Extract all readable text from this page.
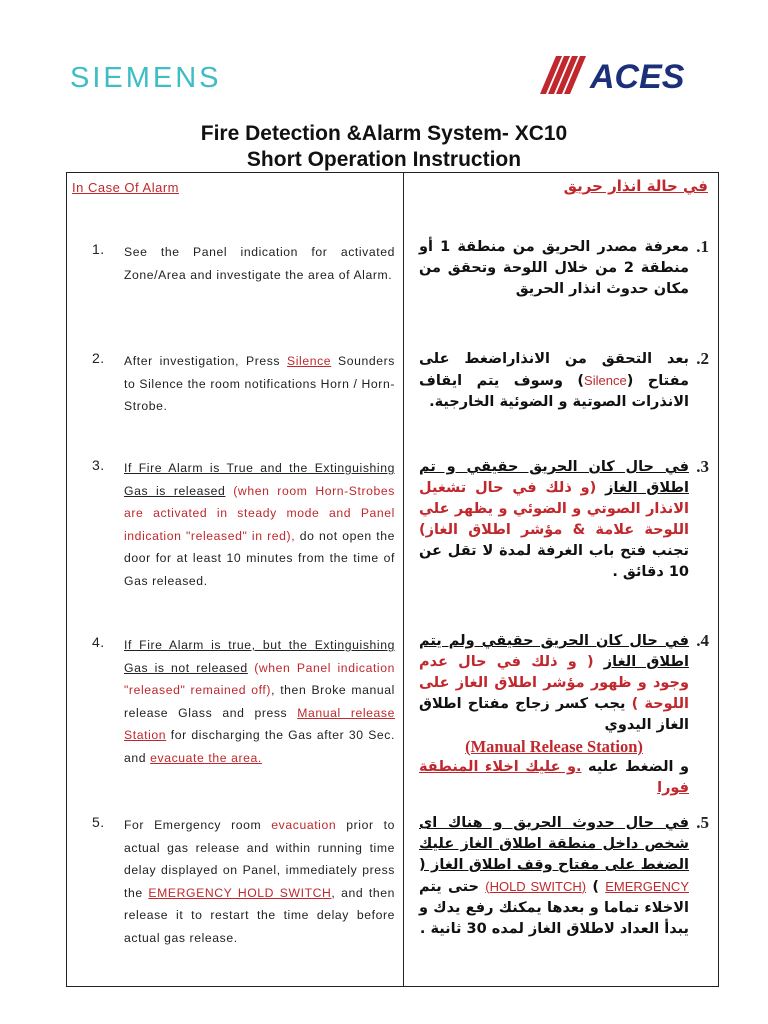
SIEMENS	ACES
Fire Detection &Alarm System- XC10
Short Operation Instruction
In Case Of Alarm	في حالة انذار حريق
1. See the Panel indication for activated Zone/Area and investigate the area of Alarm.
.1
معرفة مصدر الحريق من منطقة 1 أو منطقة 2 من خلال اللوحة وتحقق من مكان حدوث انذار الحريق
2. After investigation, Press Silence Sounders to Silence the room notifications Horn / Horn-Strobe.
.2
بعد التحقق من الانذاراضغط على مفتاح (Silence) وسوف يتم ايقاف الانذرات الصوتية و الضوئية الخارجية.
3. If Fire Alarm is True and the Extinguishing Gas is released (when room Horn-Strobes are activated in steady mode and Panel indication "released" in red), do not open the door for at least 10 minutes from the time of Gas released.
.3
في حال كان الحريق حقيقي و تم اطلاق الغاز (و ذلك في حال تشغيل الانذار الصوتي و الضوئي و يظهر علي اللوحة علامة & مؤشر اطلاق الغاز) تجنب فتح باب الغرفة لمدة لا تقل عن 10 دقائق .
4. If Fire Alarm is true, but the Extinguishing Gas is not released (when Panel indication "released" remained off), then Broke manual release Glass and press Manual release Station for discharging the Gas after 30 Sec. and evacuate the area.
.4
في حال كان الحريق حقيقي ولم يتم اطلاق الغاز ( و ذلك في حال عدم وجود و ظهور مؤشر اطلاق الغاز على اللوحة ) يجب كسر زجاج مفتاح اطلاق الغاز اليدوي
(Manual Release Station)
و الضغط عليه .و عليك اخلاء المنطقة فورا
5. For Emergency room evacuation prior to actual gas release and within running time delay displayed on Panel, immediately press the EMERGENCY HOLD SWITCH, and then release it to restart the time delay before actual gas release.
.5
في حال حدوث الحريق و هناك اى شخص داخل منطقة اطلاق الغاز عليك الضغط على مفتاح وقف اطلاق الغاز ( EMERGENCY ) (HOLD SWITCH) حتى يتم الاخلاء تماما و بعدها يمكنك رفع يدك و يبدأ العداد لاطلاق الغاز لمده 30 ثانية .
